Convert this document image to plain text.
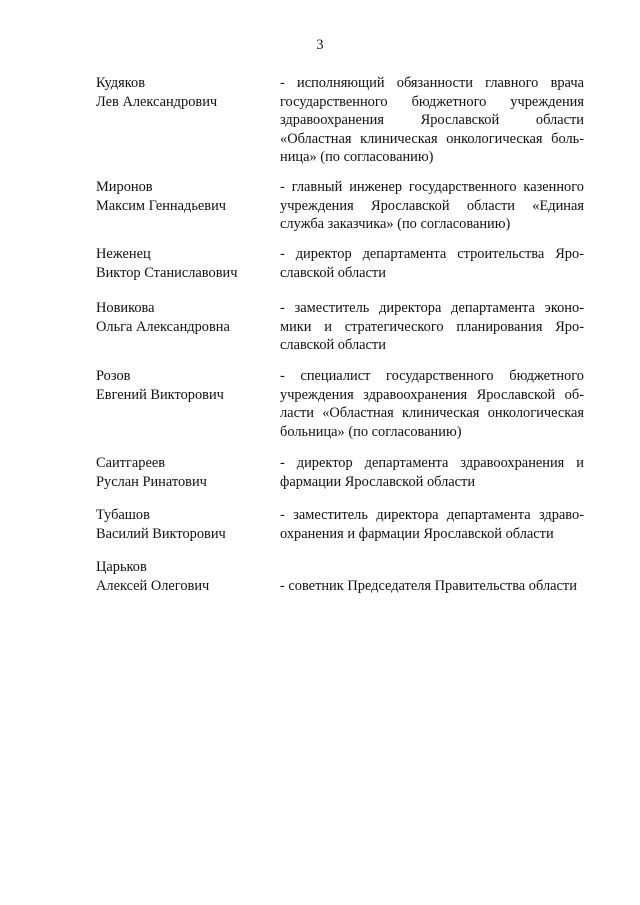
3
Кудяков
Лев Александрович
- исполняющий обязанности главного врача государственного бюджетного учреждения здравоохранения Ярославской области «Областная клиническая онкологическая больница» (по согласованию)
Миронов
Максим Геннадьевич
- главный инженер государственного казенного учреждения Ярославской области «Единая служба заказчика» (по согласованию)
Неженец
Виктор Станиславович
- директор департамента строительства Ярославской области
Новикова
Ольга Александровна
- заместитель директора департамента экономики и стратегического планирования Ярославской области
Розов
Евгений Викторович
- специалист государственного бюджетного учреждения здравоохранения Ярославской области «Областная клиническая онкологическая больница» (по согласованию)
Саитгареев
Руслан Ринатович
- директор департамента здравоохранения и фармации Ярославской области
Тубашов
Василий Викторович
- заместитель директора департамента здравоохранения и фармации Ярославской области
Царьков
Алексей Олегович	- советник Председателя Правительства области
